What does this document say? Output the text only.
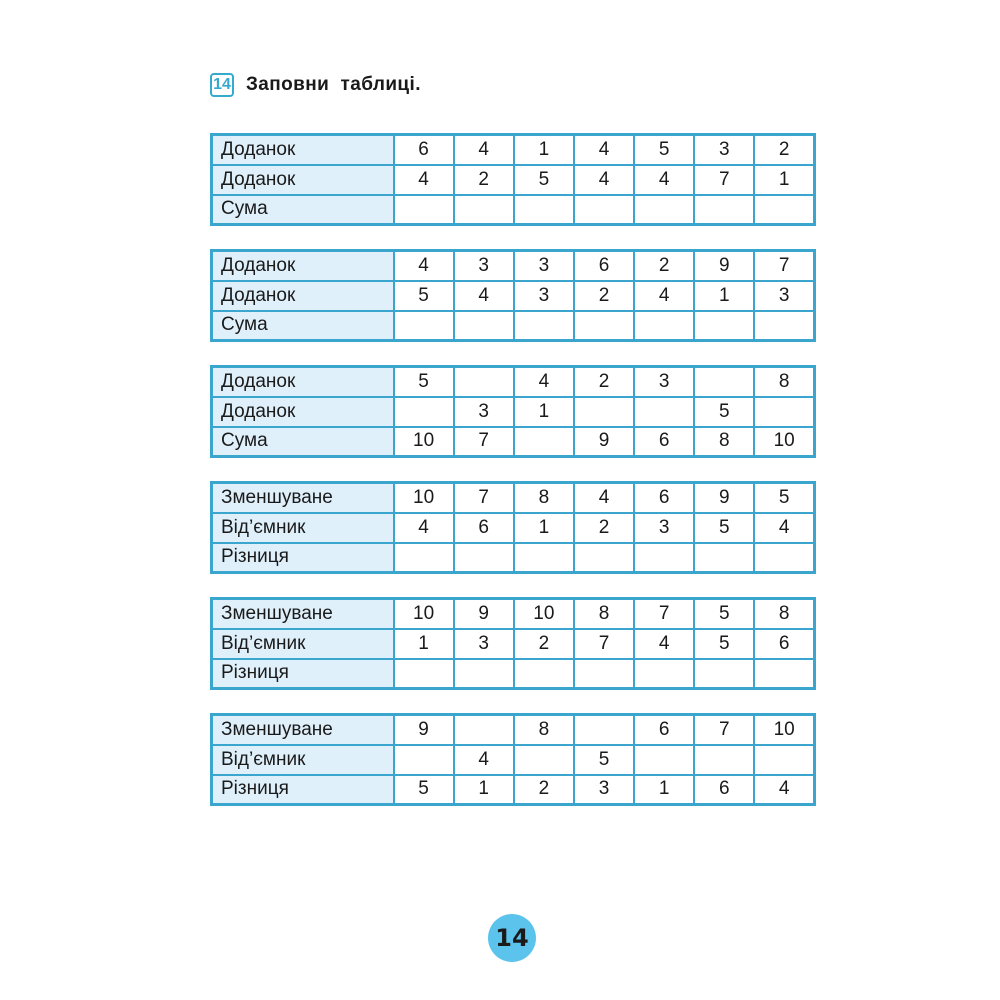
14 Заповни  таблиці.
Доданок	6	4	1	4	5	3	2
Доданок	4	2	5	4	4	7	1
Сума							
Доданок	4	3	3	6	2	9	7
Доданок	5	4	3	2	4	1	3
Сума							
Доданок	5		4	2	3		8
Доданок		3	1			5	
Сума	10	7		9	6	8	10
Зменшуване	10	7	8	4	6	9	5
Від’ємник	4	6	1	2	3	5	4
Різниця							
Зменшуване	10	9	10	8	7	5	8
Від’ємник	1	3	2	7	4	5	6
Різниця							
Зменшуване	9		8		6	7	10
Від’ємник		4		5			
Різниця	5	1	2	3	1	6	4
14
